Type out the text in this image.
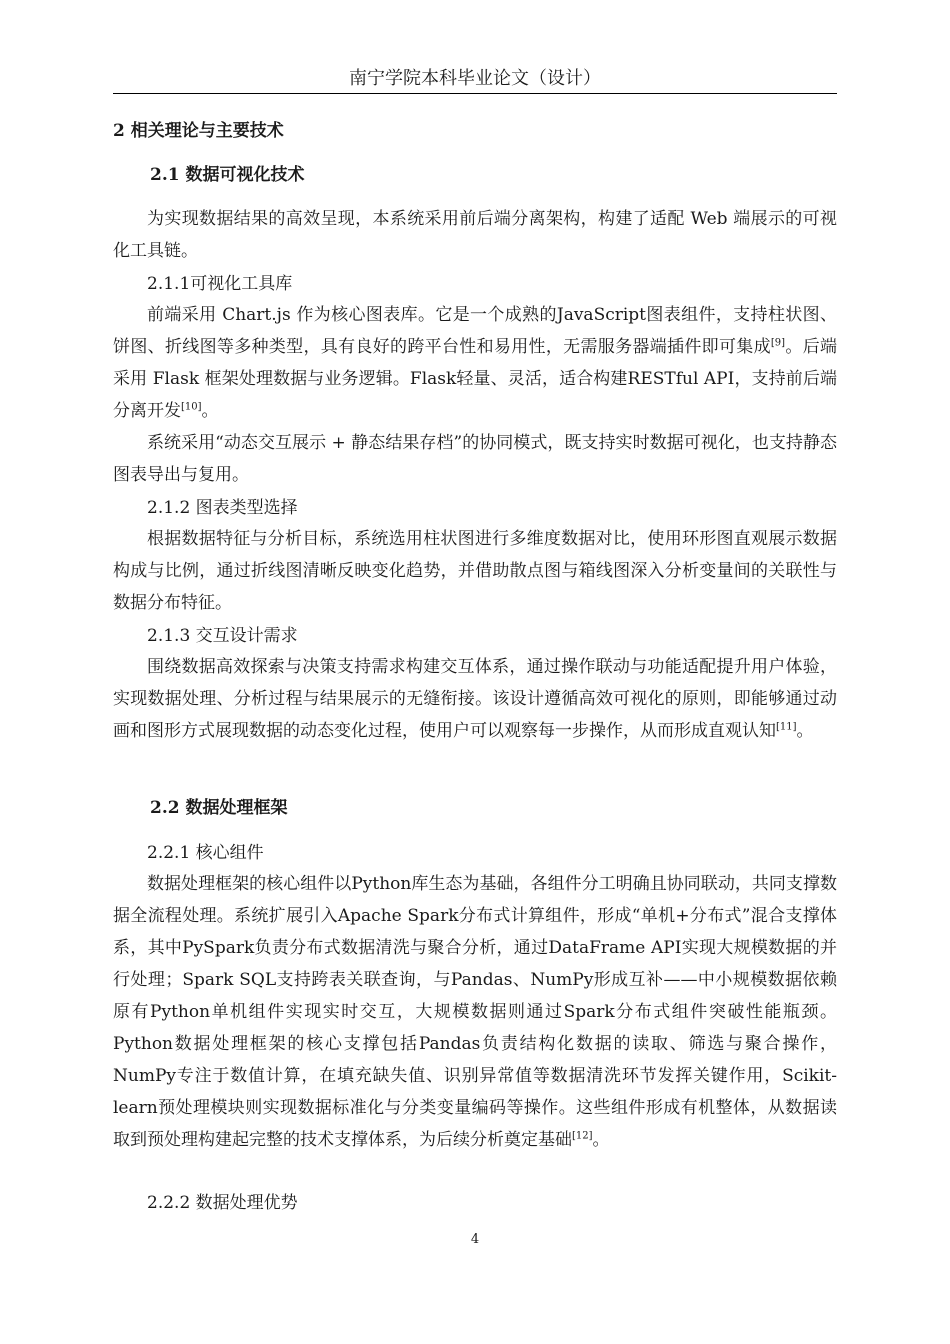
南宁学院本科毕业论文（设计）
2 相关理论与主要技术
2.1 数据可视化技术
为实现数据结果的高效呈现，本系统采用前后端分离架构，构建了适配 Web 端展示的可视化工具链。
2.1.1可视化工具库
前端采用 Chart.js 作为核心图表库。它是一个成熟的JavaScript图表组件，支持柱状图、饼图、折线图等多种类型，具有良好的跨平台性和易用性，无需服务器端插件即可集成[9]。后端采用 Flask 框架处理数据与业务逻辑。Flask轻量、灵活，适合构建RESTful API，支持前后端分离开发[10]。
系统采用“动态交互展示 + 静态结果存档”的协同模式，既支持实时数据可视化，也支持静态图表导出与复用。
2.1.2 图表类型选择
根据数据特征与分析目标，系统选用柱状图进行多维度数据对比，使用环形图直观展示数据构成与比例，通过折线图清晰反映变化趋势，并借助散点图与箱线图深入分析变量间的关联性与数据分布特征。
2.1.3 交互设计需求
围绕数据高效探索与决策支持需求构建交互体系，通过操作联动与功能适配提升用户体验，实现数据处理、分析过程与结果展示的无缝衔接。该设计遵循高效可视化的原则，即能够通过动画和图形方式展现数据的动态变化过程，使用户可以观察每一步操作，从而形成直观认知[11]。
2.2 数据处理框架
2.2.1 核心组件
数据处理框架的核心组件以Python库生态为基础，各组件分工明确且协同联动，共同支撑数据全流程处理。系统扩展引入Apache Spark分布式计算组件，形成“单机+分布式”混合支撑体系，其中PySpark负责分布式数据清洗与聚合分析，通过DataFrame API实现大规模数据的并行处理；Spark SQL支持跨表关联查询，与Pandas、NumPy形成互补——中小规模数据依赖原有Python单机组件实现实时交互，大规模数据则通过Spark分布式组件突破性能瓶颈。Python数据处理框架的核心支撑包括Pandas负责结构化数据的读取、筛选与聚合操作，NumPy专注于数值计算，在填充缺失值、识别异常值等数据清洗环节发挥关键作用，Scikit-learn预处理模块则实现数据标准化与分类变量编码等操作。这些组件形成有机整体，从数据读取到预处理构建起完整的技术支撑体系，为后续分析奠定基础[12]。
2.2.2 数据处理优势
4
